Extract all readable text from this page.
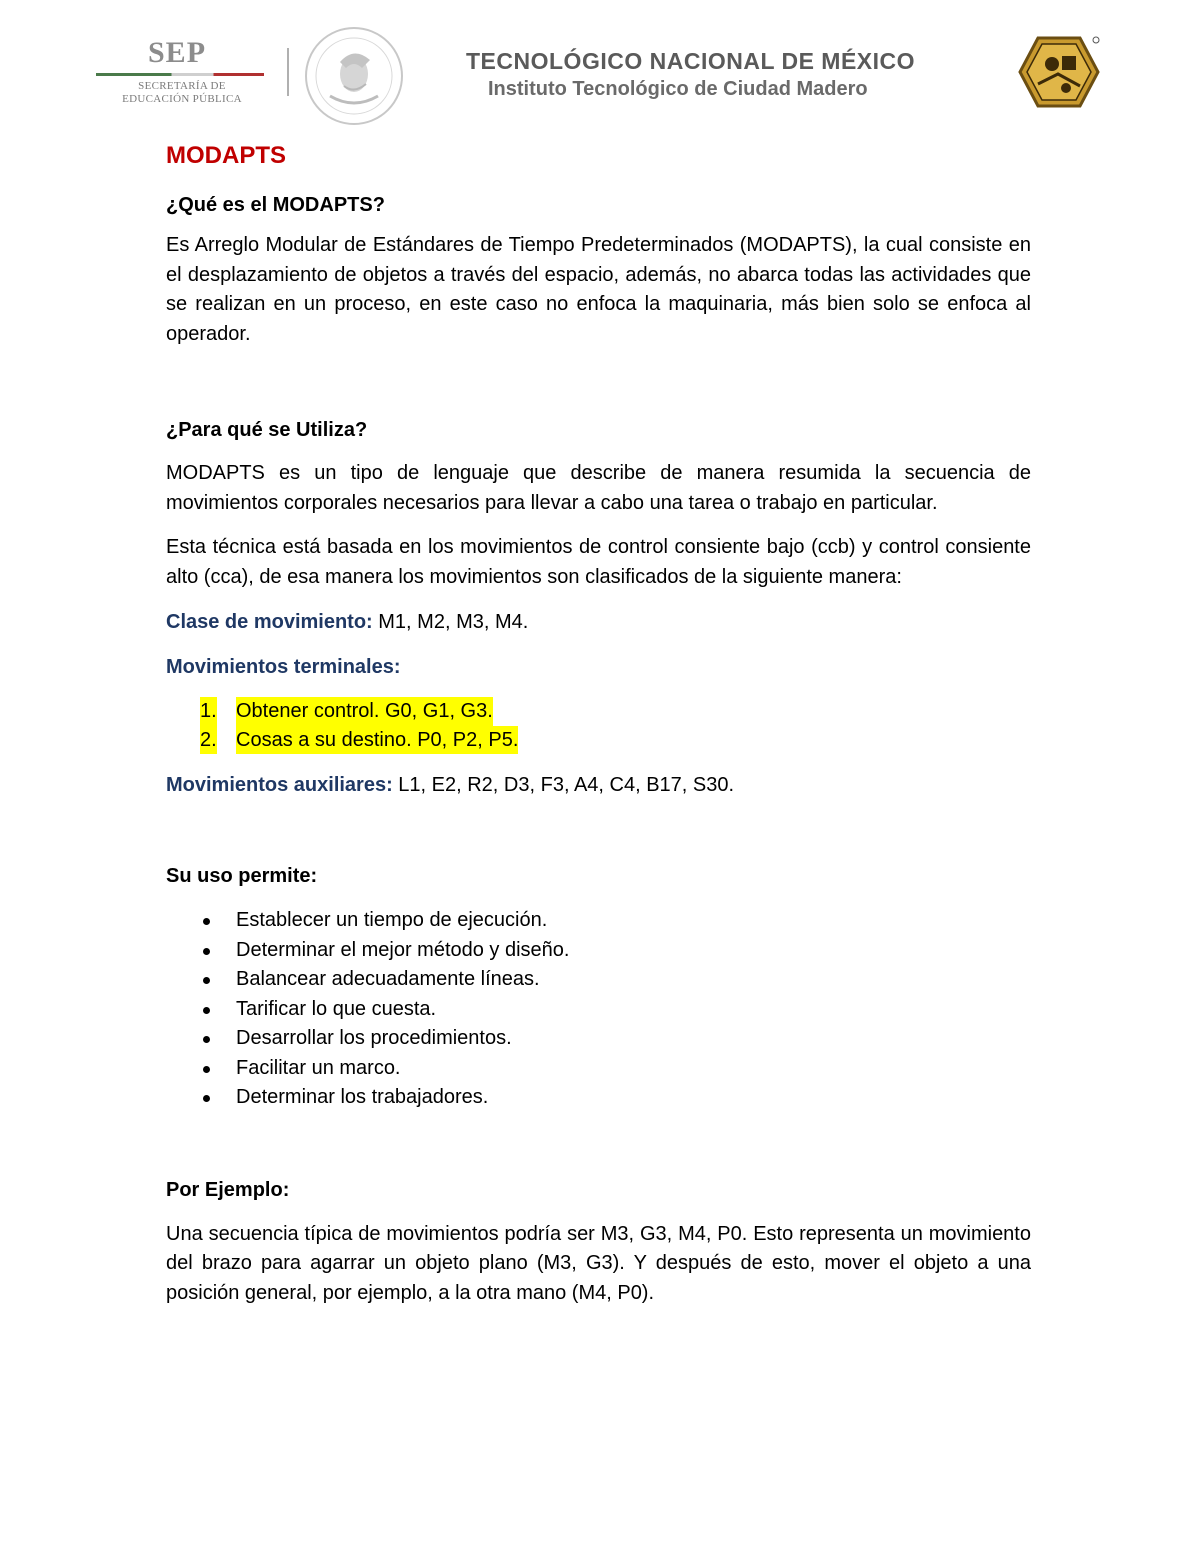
SEP
SECRETARÍA DE
EDUCACIÓN PÚBLICA
TECNOLÓGICO NACIONAL DE MÉXICO
Instituto Tecnológico de Ciudad Madero
MODAPTS
¿Qué es el MODAPTS?

Es Arreglo Modular de Estándares de Tiempo Predeterminados (MODAPTS), la cual consiste en el desplazamiento de objetos a través del espacio, además, no abarca todas las actividades que se realizan en un proceso, en este caso no enfoca la maquinaria, más bien solo se enfoca al operador.

¿Para qué se Utiliza?

MODAPTS es un tipo de lenguaje que describe de manera resumida la secuencia de movimientos corporales necesarios para llevar a cabo una tarea o trabajo en particular.

Esta técnica está basada en los movimientos de control consiente bajo (ccb) y control consiente alto (cca), de esa manera los movimientos son clasificados de la siguiente manera:

Clase de movimiento: M1, M2, M3, M4.

Movimientos terminales:
1. Obtener control. G0, G1, G3.
2. Cosas a su destino. P0, P2, P5.

Movimientos auxiliares: L1, E2, R2, D3, F3, A4, C4, B17, S30.

Su uso permite:
Establecer un tiempo de ejecución.
Determinar el mejor método y diseño.
Balancear adecuadamente líneas.
Tarificar lo que cuesta.
Desarrollar los procedimientos.
Facilitar un marco.
Determinar los trabajadores.
Por Ejemplo:

Una secuencia típica de movimientos podría ser M3, G3, M4, P0. Esto representa un movimiento del brazo para agarrar un objeto plano (M3, G3). Y después de esto, mover el objeto a una posición general, por ejemplo, a la otra mano (M4, P0).
